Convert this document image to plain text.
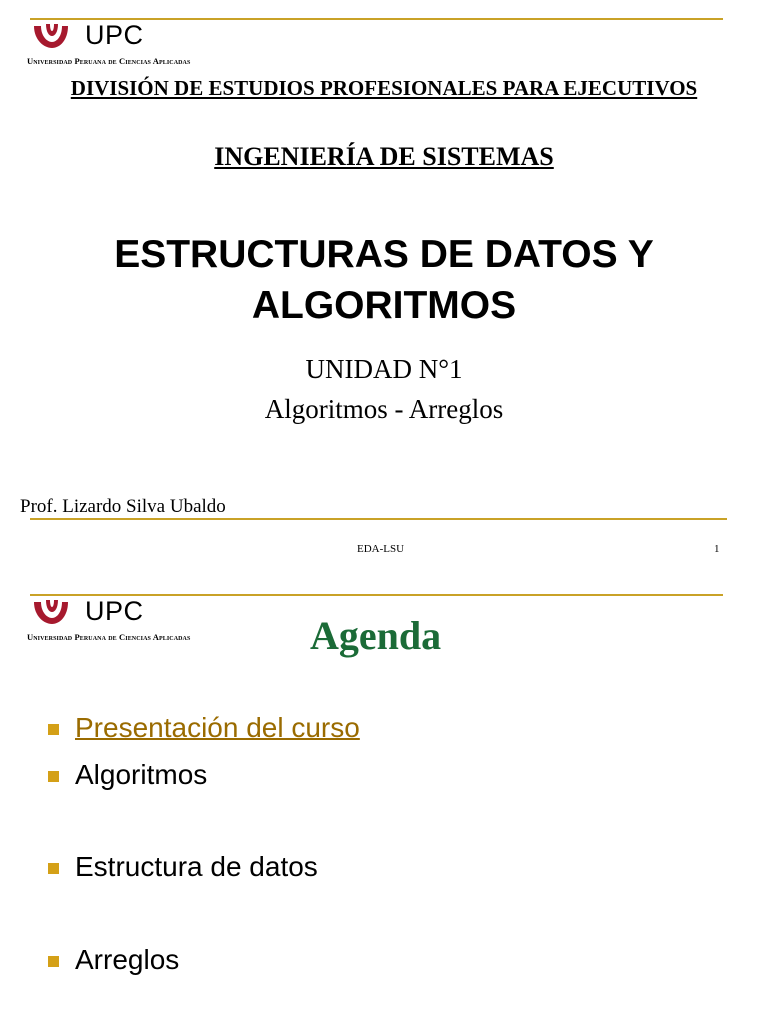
UPC
Universidad Peruana de Ciencias Aplicadas
DIVISIÓN DE ESTUDIOS PROFESIONALES PARA EJECUTIVOS
INGENIERÍA DE SISTEMAS
ESTRUCTURAS DE DATOS Y
ALGORITMOS
UNIDAD N°1
Algoritmos - Arreglos
Prof. Lizardo Silva Ubaldo
EDA-LSU	1
UPC
Universidad Peruana de Ciencias Aplicadas	Agenda
Presentación del curso
Algoritmos
Estructura de datos
Arreglos
